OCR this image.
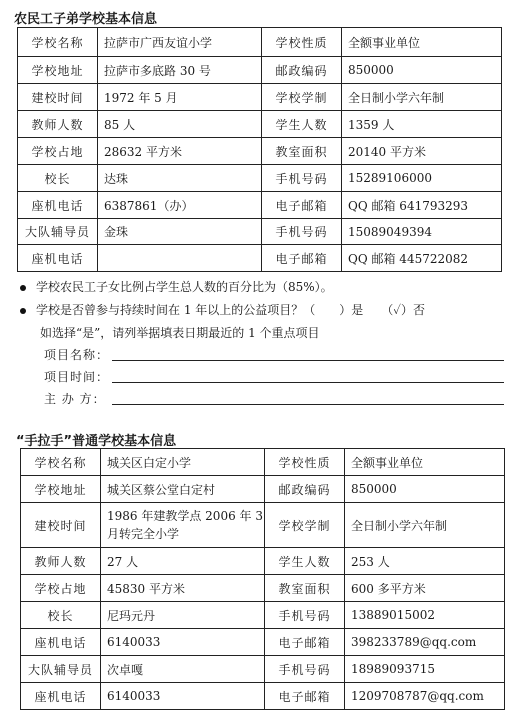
农民工子弟学校基本信息
学校名称	拉萨市广西友谊小学	学校性质	全额事业单位
学校地址	拉萨市多底路 30 号	邮政编码	850000
建校时间	1972 年 5 月	学校学制	全日制小学六年制
教师人数	85 人	学生人数	1359 人
学校占地	28632 平方米	教室面积	20140 平方米
校长	达珠	手机号码	15289106000
座机电话	6387861（办）	电子邮箱	QQ 邮箱 641793293
大队辅导员	金珠	手机号码	15089049394
座机电话		电子邮箱	QQ 邮箱 445722082
学校农民工子女比例占学生总人数的百分比为（85%）。
学校是否曾参与持续时间在 1 年以上的公益项目？（　　）是　　（✓）否
如选择“是”，请列举据填表日期最近的 1 个重点项目
项目名称：
项目时间：
主 办 方：
“手拉手”普通学校基本信息
学校名称	城关区白定小学	学校性质	全额事业单位
学校地址	城关区蔡公堂白定村	邮政编码	850000
建校时间	1986 年建教学点 2006 年 3 月转完全小学	学校学制	全日制小学六年制
教师人数	27 人	学生人数	253 人
学校占地	45830 平方米	教室面积	600 多平方米
校长	尼玛元丹	手机号码	13889015002
座机电话	6140033	电子邮箱	398233789@qq.com
大队辅导员	次卓嘎	手机号码	18989093715
座机电话	6140033	电子邮箱	1209708787@qq.com
